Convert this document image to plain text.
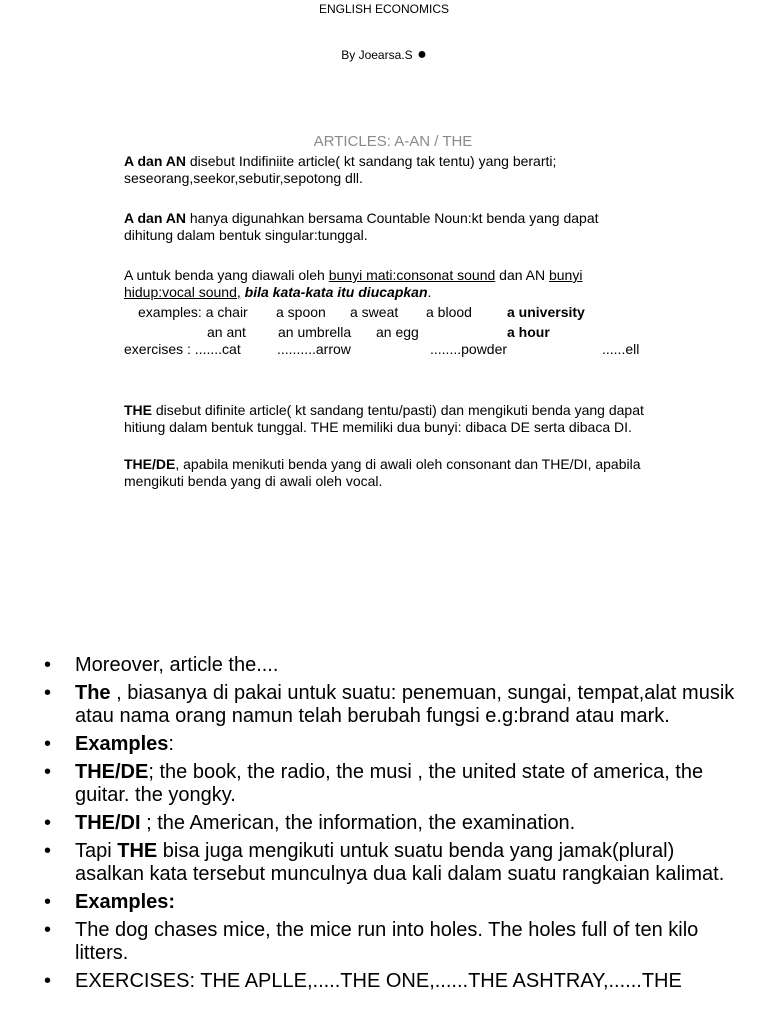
ENGLISH ECONOMICS
By Joearsa.S ●
ARTICLES: A-AN / THE
A dan AN disebut Indifiniite article( kt sandang tak tentu) yang berarti; seseorang,seekor,sebutir,sepotong dll.
A dan AN hanya digunahkan bersama Countable Noun:kt benda yang dapat dihitung dalam bentuk singular:tunggal.
A untuk benda yang diawali oleh bunyi mati:consonat sound dan AN bunyi hidup:vocal sound, bila kata-kata itu diucapkan.
examples: a chair a spoon a sweat a blood	a university
an ant an umbrella an egg	a hour
exercises : .......cat	..........arrow	........powder	......ell
THE disebut difinite article( kt sandang tentu/pasti) dan mengikuti benda yang dapat hitiung dalam bentuk tunggal. THE memiliki dua bunyi: dibaca DE serta dibaca DI.
THE/DE, apabila menikuti benda yang di awali oleh consonant dan THE/DI, apabila mengikuti benda yang di awali oleh vocal.
• Moreover, article the....
• The , biasanya di pakai untuk suatu: penemuan, sungai, tempat,alat musik atau nama orang namun telah berubah fungsi e.g:brand atau mark.
• Examples:
• THE/DE; the book, the radio, the musi , the united state of america, the guitar. the yongky.
• THE/DI ; the American, the information, the examination.
• Tapi THE bisa juga mengikuti untuk suatu benda yang jamak(plural) asalkan kata tersebut munculnya dua kali dalam suatu rangkaian kalimat.
• Examples:
• The dog chases mice, the mice run into holes. The holes full of ten kilo litters.
• EXERCISES: THE APLLE,.....THE ONE,......THE ASHTRAY,......THE
